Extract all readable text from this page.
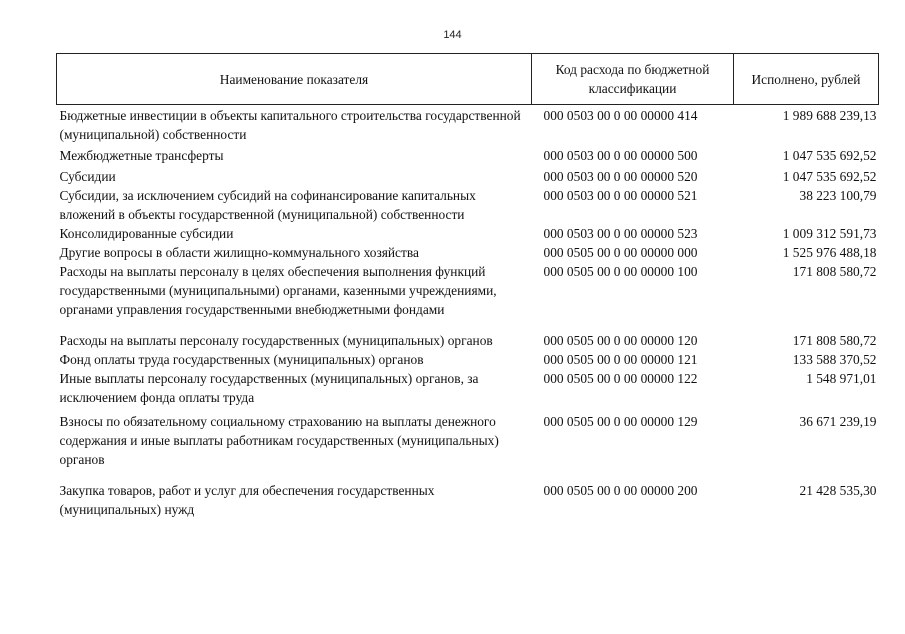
144
Наименование показателя	Код расхода по бюджетной классификации	Исполнено, рублей
Бюджетные инвестиции в объекты капитального строительства государственной (муниципальной) собственности	000 0503 00 0 00 00000 414	1 989 688 239,13
Межбюджетные трансферты	000 0503 00 0 00 00000 500	1 047 535 692,52
Субсидии	000 0503 00 0 00 00000 520	1 047 535 692,52
Субсидии, за исключением субсидий на софинансирование капитальных вложений в объекты государственной (муниципальной) собственности	000 0503 00 0 00 00000 521	38 223 100,79
Консолидированные субсидии	000 0503 00 0 00 00000 523	1 009 312 591,73
Другие вопросы в области жилищно-коммунального хозяйства	000 0505 00 0 00 00000 000	1 525 976 488,18
Расходы на выплаты персоналу в целях обеспечения выполнения функций государственными (муниципальными) органами, казенными учреждениями, органами управления государственными внебюджетными фондами	000 0505 00 0 00 00000 100	171 808 580,72
Расходы на выплаты персоналу государственных (муниципальных) органов	000 0505 00 0 00 00000 120	171 808 580,72
Фонд оплаты труда государственных (муниципальных) органов	000 0505 00 0 00 00000 121	133 588 370,52
Иные выплаты персоналу государственных (муниципальных) органов, за исключением фонда оплаты труда	000 0505 00 0 00 00000 122	1 548 971,01
Взносы по обязательному социальному страхованию на выплаты денежного содержания и иные выплаты работникам государственных (муниципальных) органов	000 0505 00 0 00 00000 129	36 671 239,19
Закупка товаров, работ и услуг для обеспечения государственных (муниципальных) нужд	000 0505 00 0 00 00000 200	21 428 535,30
